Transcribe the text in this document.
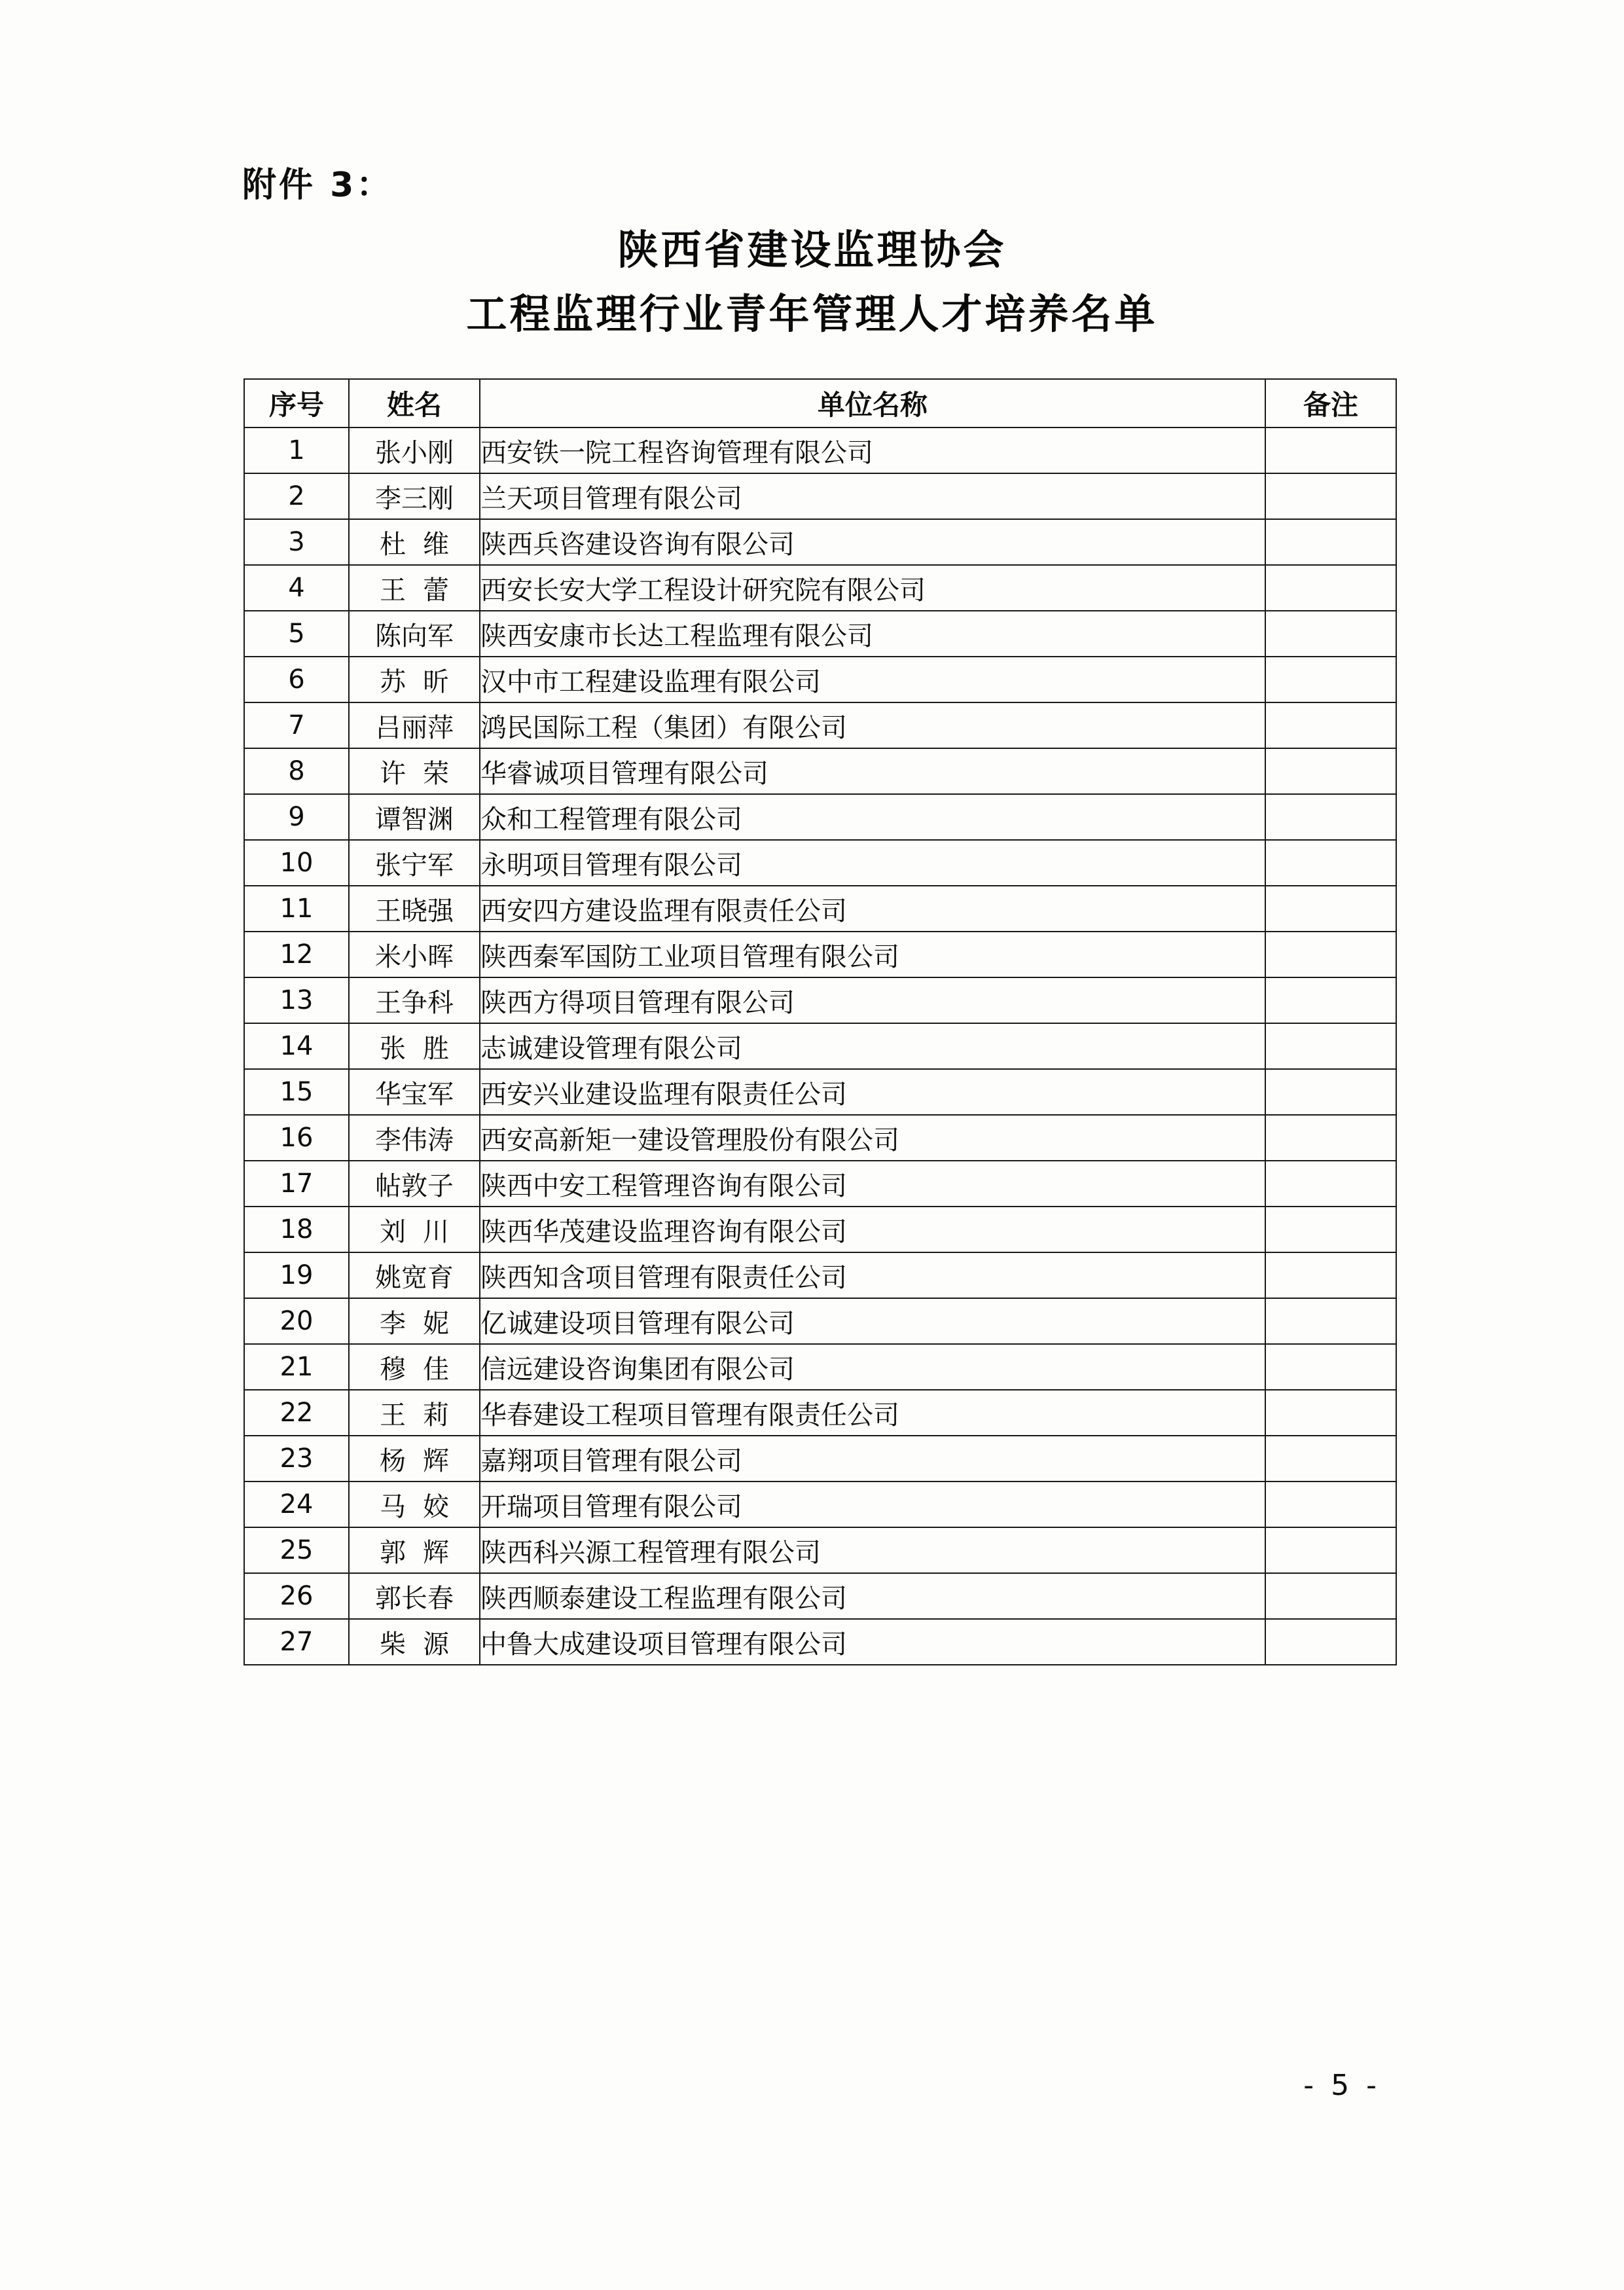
附件 3：
陕西省建设监理协会
工程监理行业青年管理人才培养名单
序号	姓名	单位名称	备注
1	张小刚	西安铁一院工程咨询管理有限公司	
2	李三刚	兰天项目管理有限公司	
3	杜维	陕西兵咨建设咨询有限公司	
4	王蕾	西安长安大学工程设计研究院有限公司	
5	陈向军	陕西安康市长达工程监理有限公司	
6	苏昕	汉中市工程建设监理有限公司	
7	吕丽萍	鸿民国际工程（集团）有限公司	
8	许荣	华睿诚项目管理有限公司	
9	谭智渊	众和工程管理有限公司	
10	张宁军	永明项目管理有限公司	
11	王晓强	西安四方建设监理有限责任公司	
12	米小晖	陕西秦军国防工业项目管理有限公司	
13	王争科	陕西方得项目管理有限公司	
14	张胜	志诚建设管理有限公司	
15	华宝军	西安兴业建设监理有限责任公司	
16	李伟涛	西安高新矩一建设管理股份有限公司	
17	帖敦子	陕西中安工程管理咨询有限公司	
18	刘川	陕西华茂建设监理咨询有限公司	
19	姚宽育	陕西知含项目管理有限责任公司	
20	李妮	亿诚建设项目管理有限公司	
21	穆佳	信远建设咨询集团有限公司	
22	王莉	华春建设工程项目管理有限责任公司	
23	杨辉	嘉翔项目管理有限公司	
24	马姣	开瑞项目管理有限公司	
25	郭辉	陕西科兴源工程管理有限公司	
26	郭长春	陕西顺泰建设工程监理有限公司	
27	柴源	中鲁大成建设项目管理有限公司	
- 5 -
